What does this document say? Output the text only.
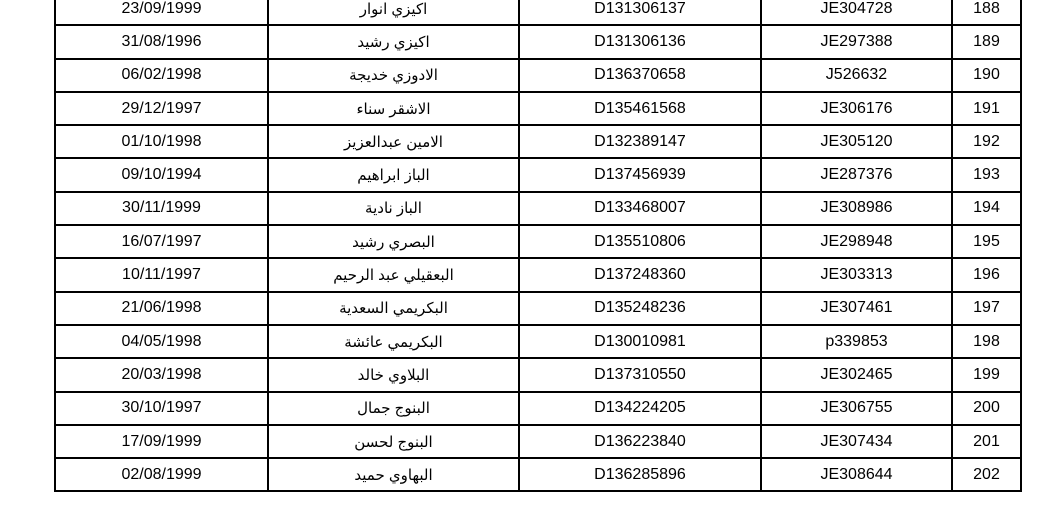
23/09/1999	اكيزي انوار	D131306137	JE304728	188
31/08/1996	اكيزي رشيد	D131306136	JE297388	189
06/02/1998	الادوزي خديجة	D136370658	J526632	190
29/12/1997	الاشقر سناء	D135461568	JE306176	191
01/10/1998	الامين عبدالعزيز	D132389147	JE305120	192
09/10/1994	الباز ابراهيم	D137456939	JE287376	193
30/11/1999	الباز نادية	D133468007	JE308986	194
16/07/1997	البصري رشيد	D135510806	JE298948	195
10/11/1997	البعقيلي عبد الرحيم	D137248360	JE303313	196
21/06/1998	البكريمي السعدية	D135248236	JE307461	197
04/05/1998	البكريمي عائشة	D130010981	p339853	198
20/03/1998	البلاوي خالد	D137310550	JE302465	199
30/10/1997	البنوج جمال	D134224205	JE306755	200
17/09/1999	البنوج لحسن	D136223840	JE307434	201
02/08/1999	البهاوي حميد	D136285896	JE308644	202
